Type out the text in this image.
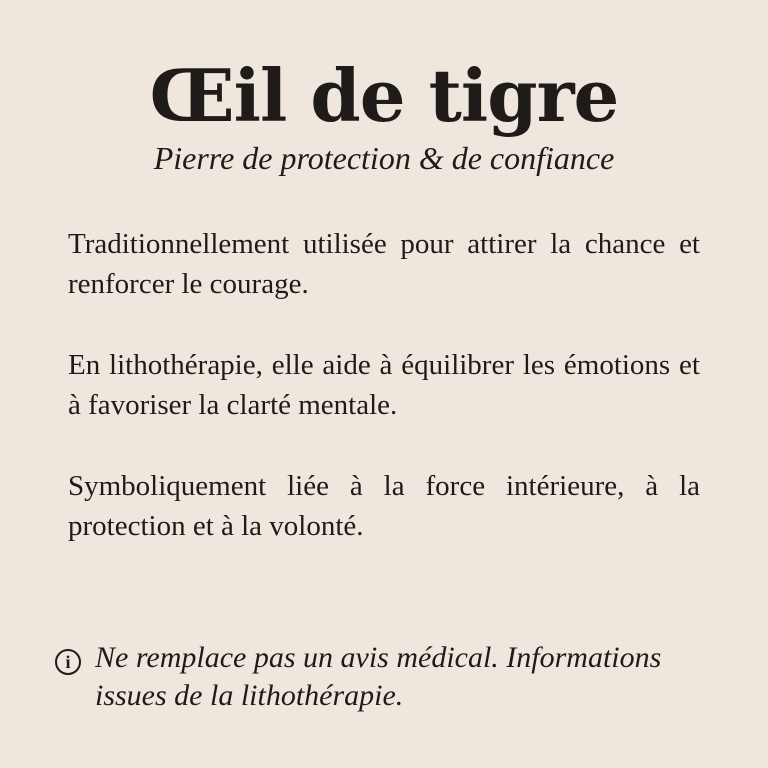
Œil de tigre

Pierre de protection & de confiance

Traditionnellement utilisée pour attirer la chance et renforcer le courage.

En lithothérapie, elle aide à équilibrer les émotions et à favoriser la clarté mentale.

Symboliquement liée à la force intérieure, à la protection et à la volonté.

i Ne remplace pas un avis médical. Informations issues de la lithothérapie.
